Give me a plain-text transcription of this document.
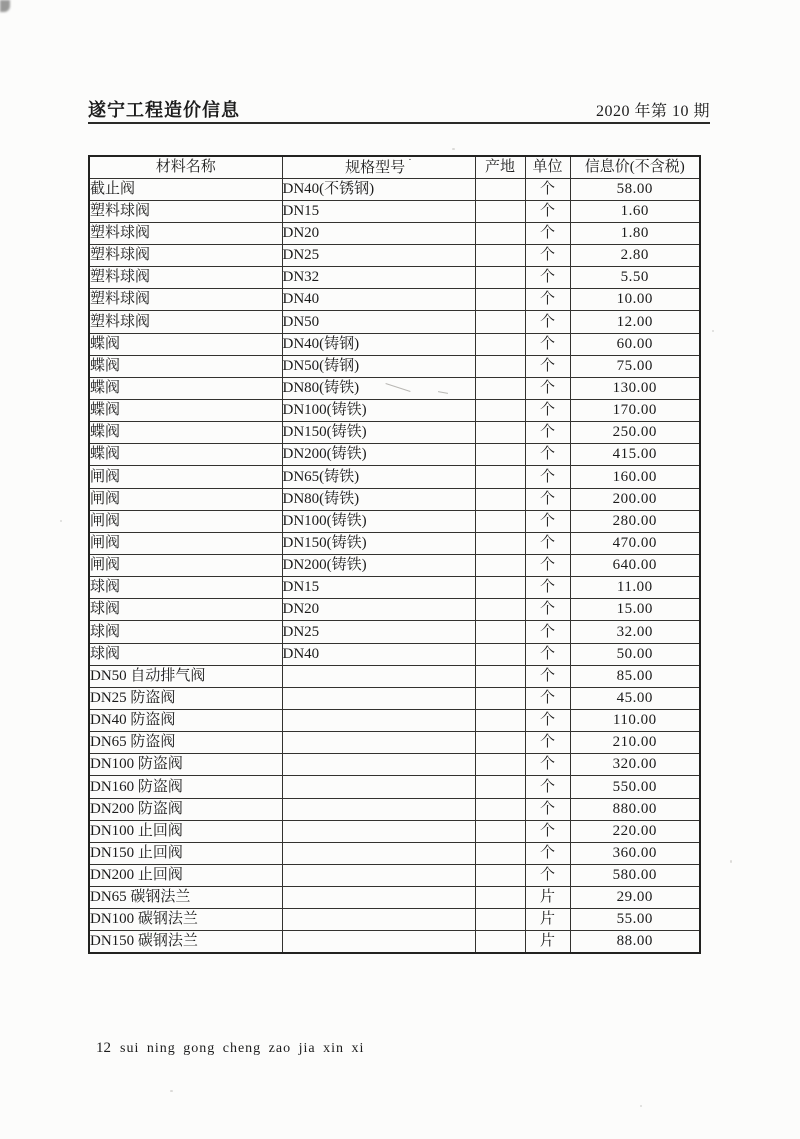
遂宁工程造价信息	2020 年第 10 期
材料名称	规格型号 ˙	产地	单位	信息价(不含税)
截止阀	DN40(不锈钢)		个	58.00
塑料球阀	DN15		个	1.60
塑料球阀	DN20		个	1.80
塑料球阀	DN25		个	2.80
塑料球阀	DN32		个	5.50
塑料球阀	DN40		个	10.00
塑料球阀	DN50		个	12.00
蝶阀	DN40(铸钢)		个	60.00
蝶阀	DN50(铸钢)		个	75.00
蝶阀	DN80(铸铁)		个	130.00
蝶阀	DN100(铸铁)		个	170.00
蝶阀	DN150(铸铁)		个	250.00
蝶阀	DN200(铸铁)		个	415.00
闸阀	DN65(铸铁)		个	160.00
闸阀	DN80(铸铁)		个	200.00
闸阀	DN100(铸铁)		个	280.00
闸阀	DN150(铸铁)		个	470.00
闸阀	DN200(铸铁)		个	640.00
球阀	DN15		个	11.00
球阀	DN20		个	15.00
球阀	DN25		个	32.00
球阀	DN40		个	50.00
DN50 自动排气阀			个	85.00
DN25 防盗阀			个	45.00
DN40 防盗阀			个	110.00
DN65 防盗阀			个	210.00
DN100 防盗阀			个	320.00
DN160 防盗阀			个	550.00
DN200 防盗阀			个	880.00
DN100 止回阀			个	220.00
DN150 止回阀			个	360.00
DN200 止回阀			个	580.00
DN65 碳钢法兰			片	29.00
DN100 碳钢法兰			片	55.00
DN150 碳钢法兰			片	88.00
12 sui ning gong cheng zao jia xin xi
